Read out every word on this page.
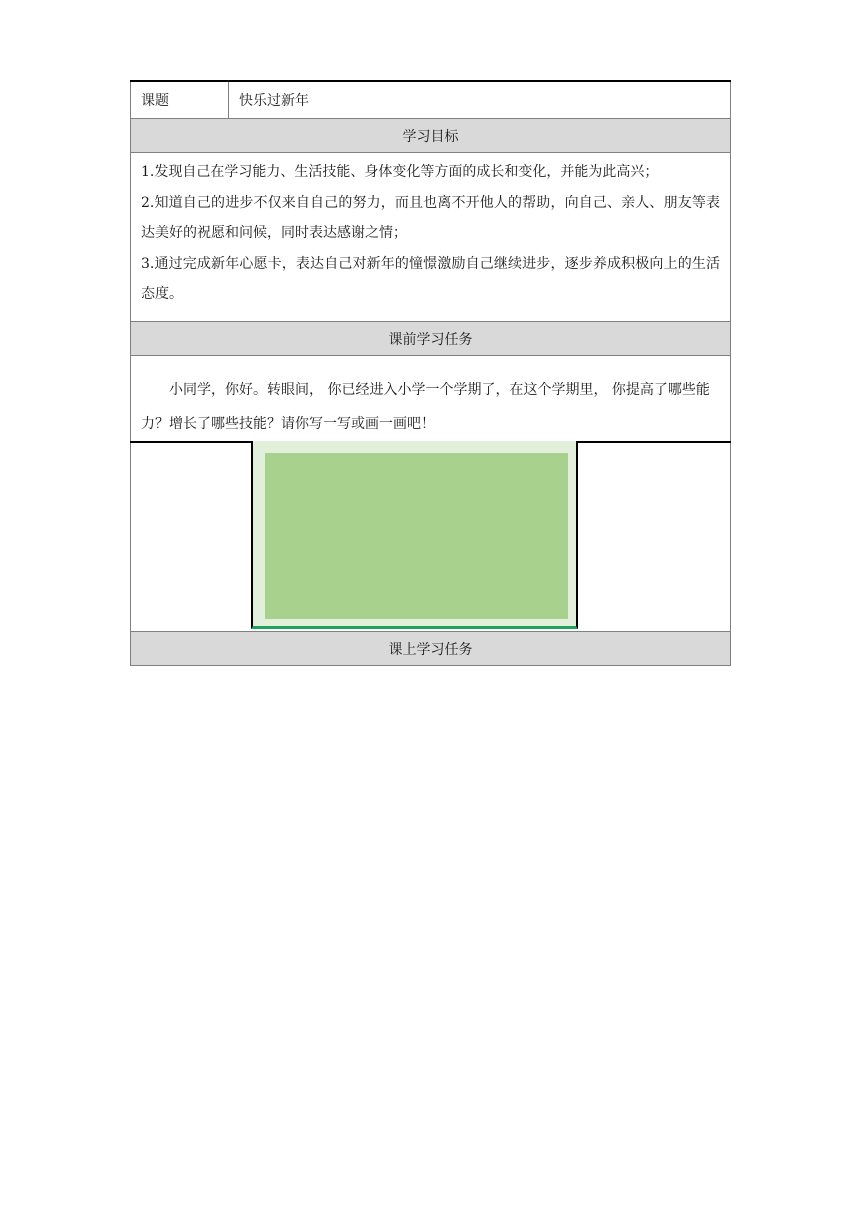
课题	快乐过新年
学习目标

1.发现自己在学习能力、生活技能、身体变化等方面的成长和变化，并能为此高兴；
2.知道自己的进步不仅来自自己的努力，而且也离不开他人的帮助，向自己、亲人、朋友等表达美好的祝愿和问候，同时表达感谢之情；
3.通过完成新年心愿卡，表达自己对新年的憧憬激励自己继续进步，逐步养成积极向上的生活态度。

课前学习任务

小同学，你好。转眼间， 你已经进入小学一个学期了，在这个学期里， 你提高了哪些能力？增长了哪些技能？请你写一写或画一画吧！

课上学习任务
